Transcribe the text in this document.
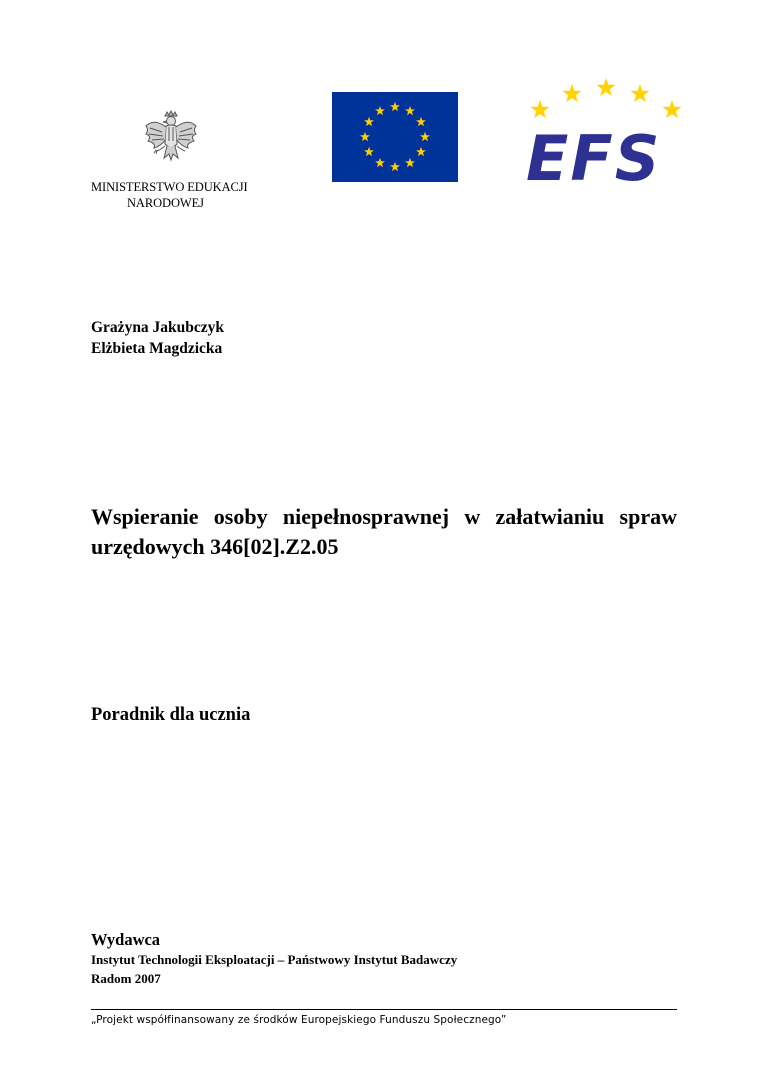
MINISTERSTWO EDUKACJI
NARODOWEJ
EFS
Grażyna Jakubczyk
Elżbieta Magdzicka
Wspieranie osoby niepełnosprawnej w załatwianiu spraw urzędowych 346[02].Z2.05
Poradnik dla ucznia
Wydawca
Instytut Technologii Eksploatacji – Państwowy Instytut Badawczy
Radom 2007
„Projekt współfinansowany ze środków Europejskiego Funduszu Społecznego”
